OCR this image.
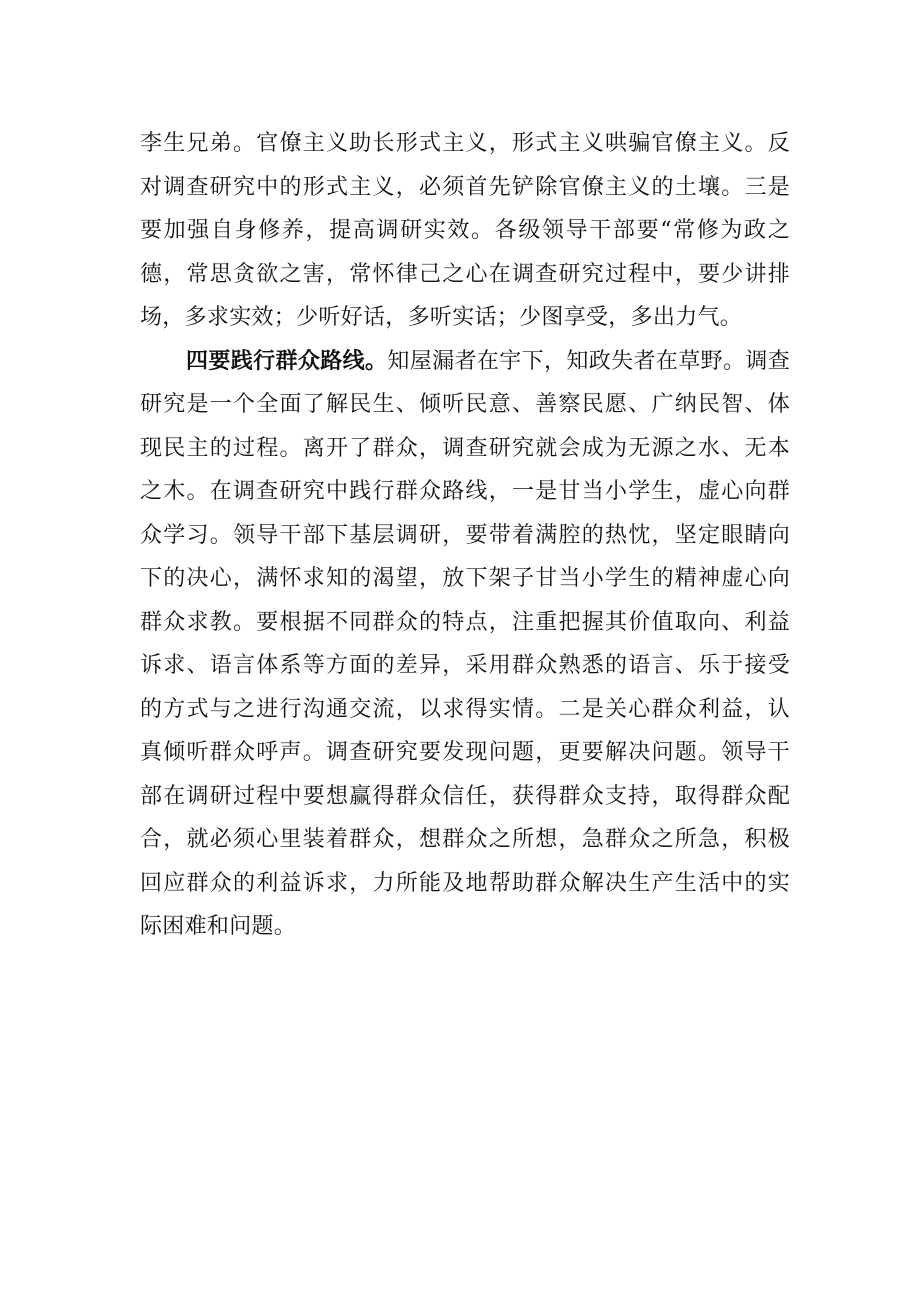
李生兄弟。官僚主义助长形式主义，形式主义哄骗官僚主义。反
对调查研究中的形式主义，必须首先铲除官僚主义的土壤。三是
要加强自身修养，提高调研实效。各级领导干部要“常修为政之
德，常思贪欲之害，常怀律己之心在调查研究过程中，要少讲排
场，多求实效；少听好话，多听实话；少图享受，多出力气。
四要践行群众路线。知屋漏者在宇下，知政失者在草野。调查
研究是一个全面了解民生、倾听民意、善察民愿、广纳民智、体
现民主的过程。离开了群众，调查研究就会成为无源之水、无本
之木。在调查研究中践行群众路线，一是甘当小学生，虚心向群
众学习。领导干部下基层调研，要带着满腔的热忱，坚定眼睛向
下的决心，满怀求知的渴望，放下架子甘当小学生的精神虚心向
群众求教。要根据不同群众的特点，注重把握其价值取向、利益
诉求、语言体系等方面的差异，采用群众熟悉的语言、乐于接受
的方式与之进行沟通交流，以求得实情。二是关心群众利益，认
真倾听群众呼声。调查研究要发现问题，更要解决问题。领导干
部在调研过程中要想赢得群众信任，获得群众支持，取得群众配
合，就必须心里装着群众，想群众之所想，急群众之所急，积极
回应群众的利益诉求，力所能及地帮助群众解决生产生活中的实
际困难和问题。
